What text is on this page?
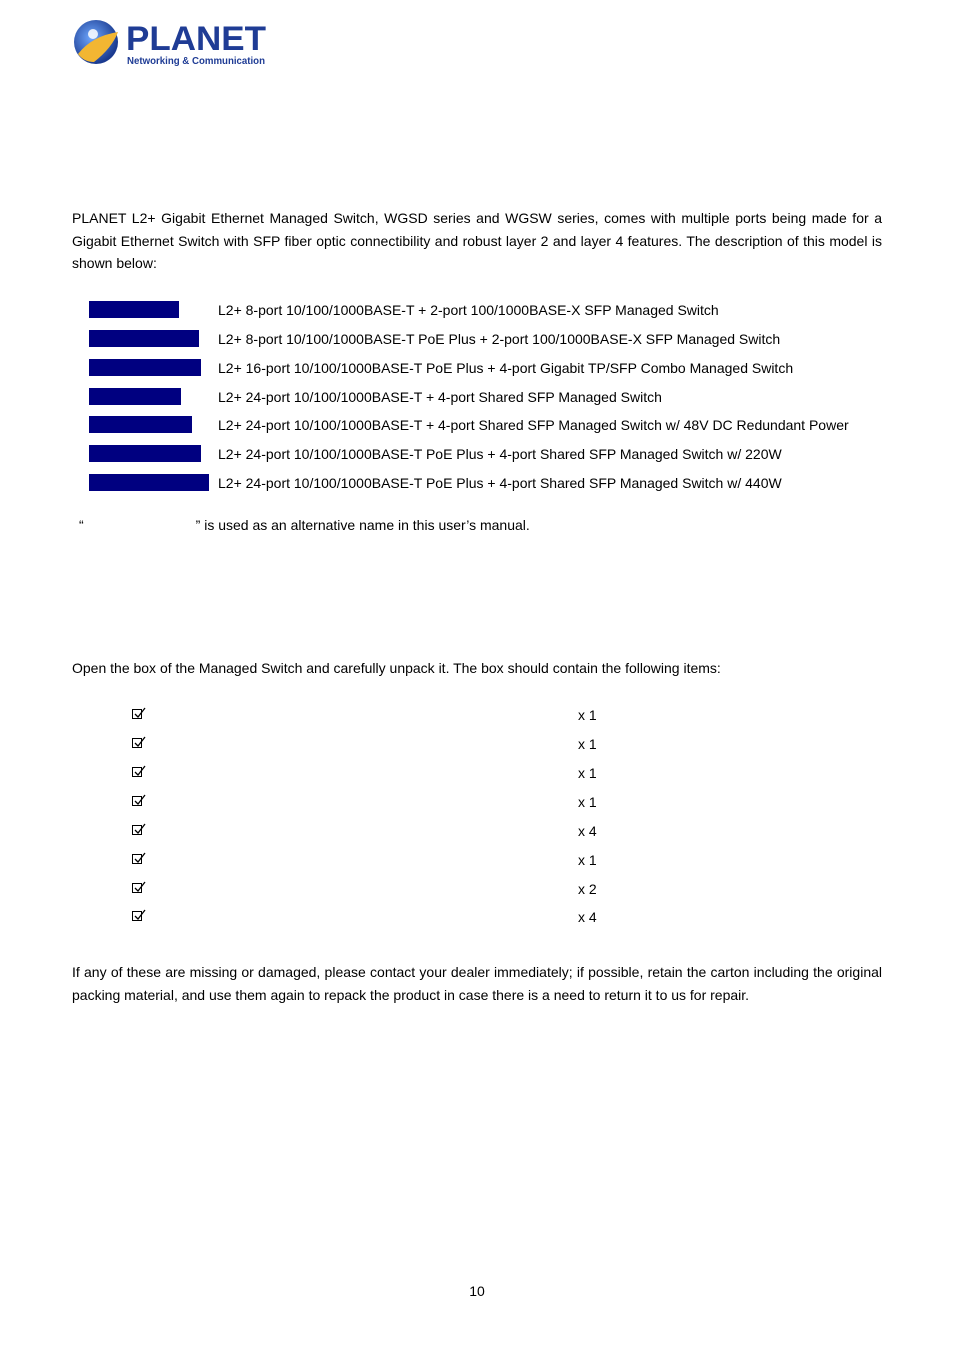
PLANET
Networking & Communication

PLANET L2+ Gigabit Ethernet Managed Switch, WGSD series and WGSW series, comes with multiple ports being made for a Gigabit Ethernet Switch with SFP fiber optic connectibility and robust layer 2 and layer 4 features. The description of this model is shown below:

L2+ 8-port 10/100/1000BASE-T + 2-port 100/1000BASE-X SFP Managed Switch
L2+ 8-port 10/100/1000BASE-T PoE Plus + 2-port 100/1000BASE-X SFP Managed Switch
L2+ 16-port 10/100/1000BASE-T PoE Plus + 4-port Gigabit TP/SFP Combo Managed Switch
L2+ 24-port 10/100/1000BASE-T + 4-port Shared SFP Managed Switch
L2+ 24-port 10/100/1000BASE-T + 4-port Shared SFP Managed Switch w/ 48V DC Redundant Power
L2+ 24-port 10/100/1000BASE-T PoE Plus + 4-port Shared SFP Managed Switch w/ 220W
L2+ 24-port 10/100/1000BASE-T PoE Plus + 4-port Shared SFP Managed Switch w/ 440W
“	” is used as an alternative name in this user’s manual.

Open the box of the Managed Switch and carefully unpack it. The box should contain the following items:

x 1
x 1
x 1
x 1
x 4
x 1
x 2
x 4

If any of these are missing or damaged, please contact your dealer immediately; if possible, retain the carton including the original packing material, and use them again to repack the product in case there is a need to return it to us for repair.

10
